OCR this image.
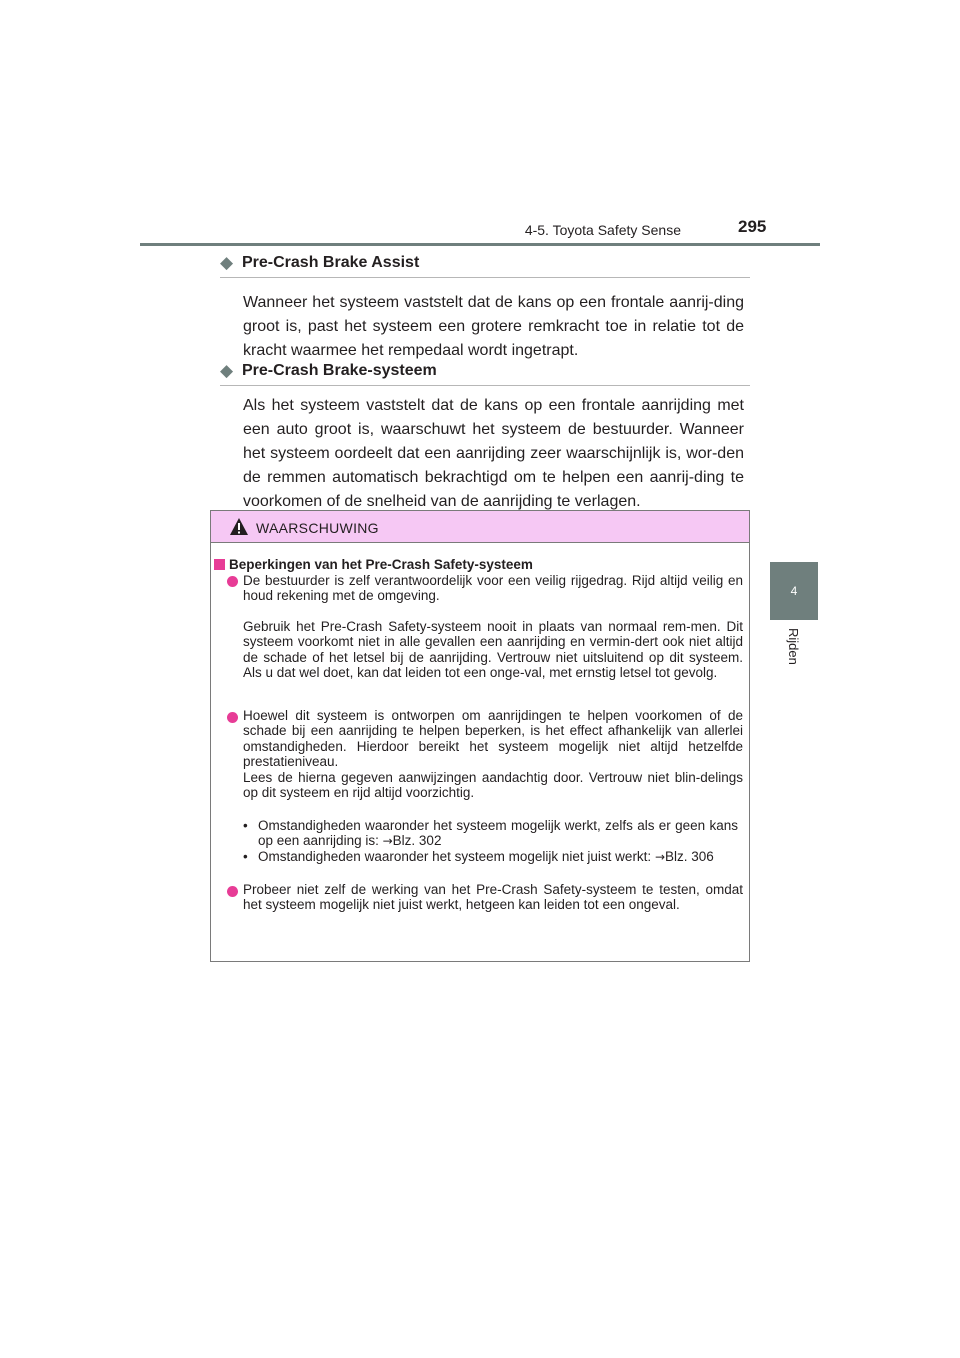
4-5. Toyota Safety Sense	295
4
Rijden
◆ Pre-Crash Brake Assist
Wanneer het systeem vaststelt dat de kans op een frontale aanrij-ding groot is, past het systeem een grotere remkracht toe in relatie tot de kracht waarmee het rempedaal wordt ingetrapt.
◆ Pre-Crash Brake-systeem
Als het systeem vaststelt dat de kans op een frontale aanrijding met een auto groot is, waarschuwt het systeem de bestuurder. Wanneer het systeem oordeelt dat een aanrijding zeer waarschijnlijk is, wor-den de remmen automatisch bekrachtigd om te helpen een aanrij-ding te voorkomen of de snelheid van de aanrijding te verlagen.
WAARSCHUWING
Beperkingen van het Pre-Crash Safety-systeem
De bestuurder is zelf verantwoordelijk voor een veilig rijgedrag. Rijd altijd veilig en houd rekening met de omgeving.
Gebruik het Pre-Crash Safety-systeem nooit in plaats van normaal rem-men. Dit systeem voorkomt niet in alle gevallen een aanrijding en vermin-dert ook niet altijd de schade of het letsel bij de aanrijding. Vertrouw niet uitsluitend op dit systeem. Als u dat wel doet, kan dat leiden tot een onge-val, met ernstig letsel tot gevolg.
Hoewel dit systeem is ontworpen om aanrijdingen te helpen voorkomen of de schade bij een aanrijding te helpen beperken, is het effect afhankelijk van allerlei omstandigheden. Hierdoor bereikt het systeem mogelijk niet altijd hetzelfde prestatieniveau.
Lees de hierna gegeven aanwijzingen aandachtig door. Vertrouw niet blin-delings op dit systeem en rijd altijd voorzichtig.
• Omstandigheden waaronder het systeem mogelijk werkt, zelfs als er geen kans op een aanrijding is: →Blz. 302
• Omstandigheden waaronder het systeem mogelijk niet juist werkt: →Blz. 306
Probeer niet zelf de werking van het Pre-Crash Safety-systeem te testen, omdat het systeem mogelijk niet juist werkt, hetgeen kan leiden tot een ongeval.
